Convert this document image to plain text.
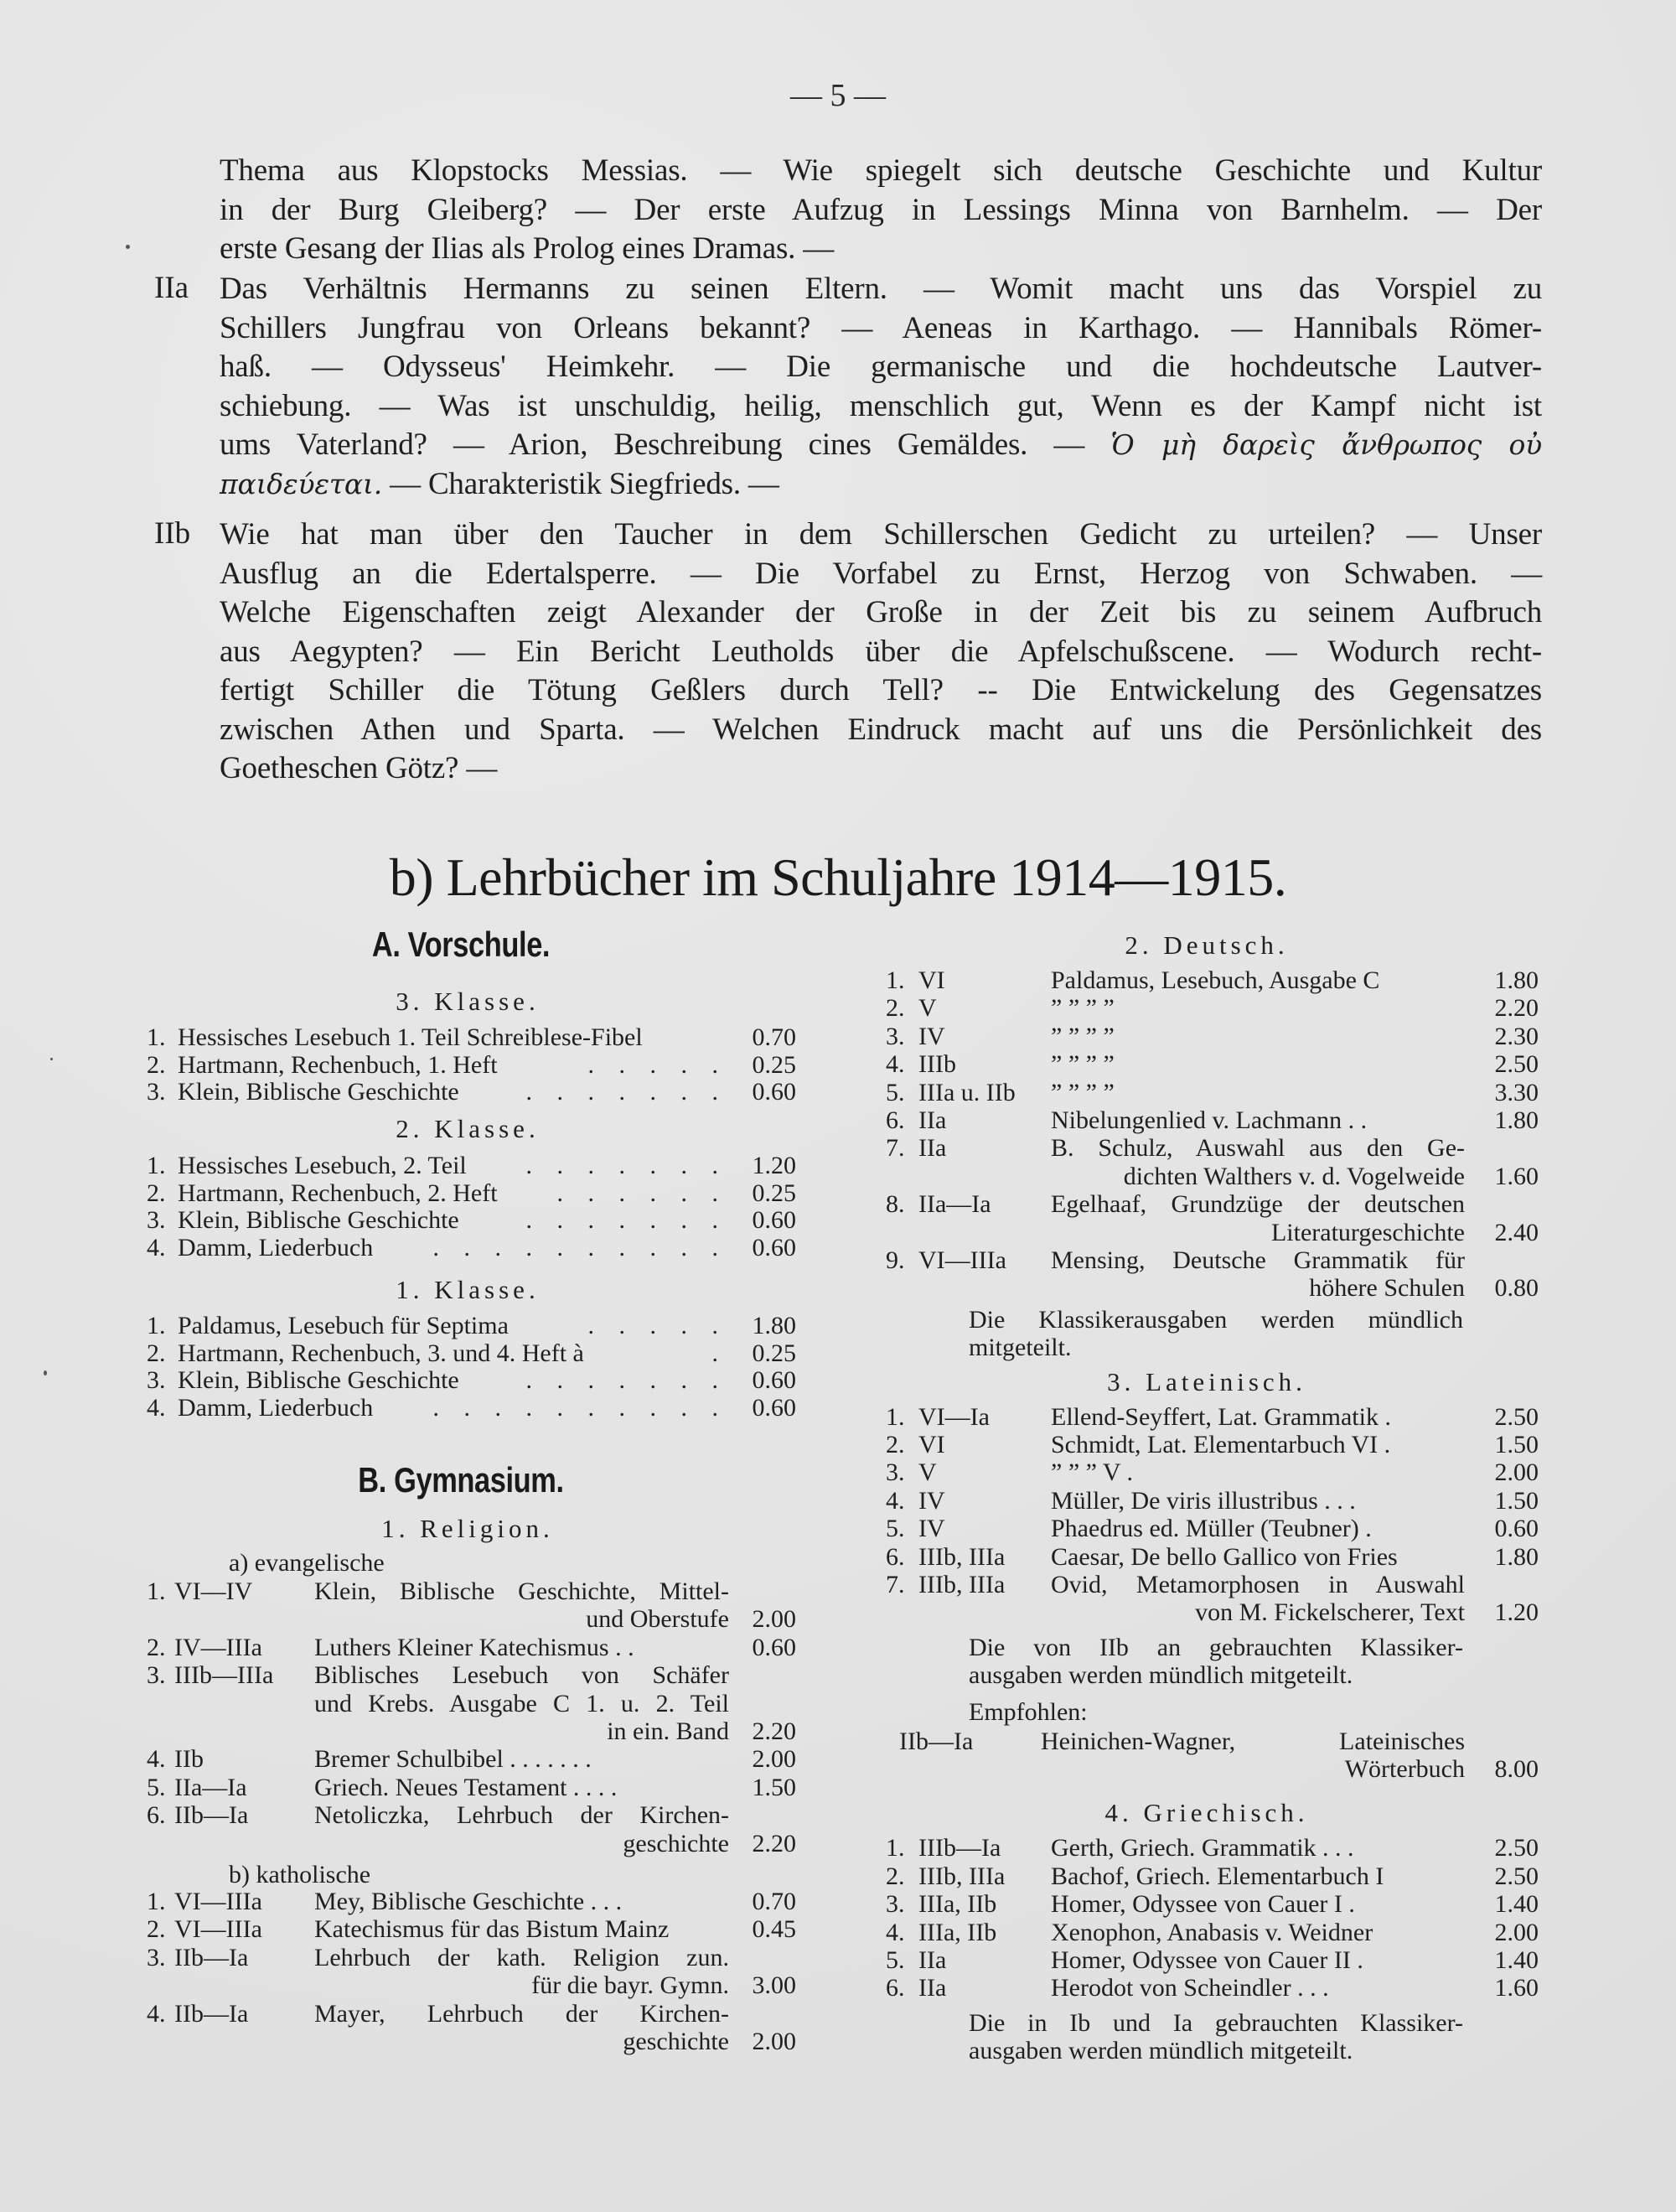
— 5 —
Thema aus Klopstocks Messias. — Wie spiegelt sich deutsche Geschichte und Kultur
in der Burg Gleiberg? — Der erste Aufzug in Lessings Minna von Barnhelm. — Der
erste Gesang der Ilias als Prolog eines Dramas. —
IIa Das Verhältnis Hermanns zu seinen Eltern. — Womit macht uns das Vorspiel zu
Schillers Jungfrau von Orleans bekannt? — Aeneas in Karthago. — Hannibals Römer-
haß. — Odysseus' Heimkehr. — Die germanische und die hochdeutsche Lautver-
schiebung. — Was ist unschuldig, heilig, menschlich gut, Wenn es der Kampf nicht ist
ums Vaterland? — Arion, Beschreibung cines Gemäldes. — Ὁ μὴ δαρεὶς ἄνθρωπος οὐ
παιδεύεται. — Charakteristik Siegfrieds. —
IIb Wie hat man über den Taucher in dem Schillerschen Gedicht zu urteilen? — Unser
Ausflug an die Edertalsperre. — Die Vorfabel zu Ernst, Herzog von Schwaben. —
Welche Eigenschaften zeigt Alexander der Große in der Zeit bis zu seinem Aufbruch
aus Aegypten? — Ein Bericht Leutholds über die Apfelschußscene. — Wodurch recht-
fertigt Schiller die Tötung Geßlers durch Tell? -- Die Entwickelung des Gegensatzes
zwischen Athen und Sparta. — Welchen Eindruck macht auf uns die Persönlichkeit des
Goetheschen Götz? —
b) Lehrbücher im Schuljahre 1914—1915.
A. Vorschule.
3. Klasse.
1. Hessisches Lesebuch 1. Teil Schreiblese-Fibel	0.70
2. Hartmann, Rechenbuch, 1. Heft	. . . . . 0.25
3. Klein, Biblische Geschichte	. . . . . . . 0.60
2. Klasse.
1. Hessisches Lesebuch, 2. Teil	. . . . . . . 1.20
2. Hartmann, Rechenbuch, 2. Heft	. . . . . . 0.25
3. Klein, Biblische Geschichte	. . . . . . . 0.60
4. Damm, Liederbuch	. . . . . . . . . . 0.60
1. Klasse.
1. Paldamus, Lesebuch für Septima	. . . . . 1.80
2. Hartmann, Rechenbuch, 3. und 4. Heft à	. 0.25
3. Klein, Biblische Geschichte	. . . . . . . 0.60
4. Damm, Liederbuch	. . . . . . . . . . 0.60
B. Gymnasium.
1. Religion.
a) evangelische
1. VI—IV Klein, Biblische Geschichte, Mittel-
und Oberstufe 2.00
2. IV—IIIa Luthers Kleiner Katechismus . .	0.60
3. IIIb—IIIa Biblisches Lesebuch von Schäfer
und Krebs. Ausgabe C 1. u. 2. Teil
in ein. Band 2.20
4. IIb	Bremer Schulbibel . . . . . . .	2.00
5. IIa—Ia	Griech. Neues Testament . . . .	1.50
6. IIb—Ia	Netoliczka, Lehrbuch der Kirchen-
geschichte 2.20
b) katholische
1. VI—IIIa Mey, Biblische Geschichte . . .	0.70
2. VI—IIIa Katechismus für das Bistum Mainz	0.45
3. IIb—Ia	Lehrbuch der kath. Religion zun.
für die bayr. Gymn. 3.00
4. IIb—Ia	Mayer, Lehrbuch der Kirchen-
geschichte 2.00
2. Deutsch.
1. VI	Paldamus, Lesebuch, Ausgabe C	1.80
2. V	” ” ” ”	2.20
3. IV	” ” ” ”	2.30
4. IIIb	” ” ” ”	2.50
5. IIIa u. IIb ” ” ” ”	3.30
6. IIa	Nibelungenlied v. Lachmann . .	1.80
7. IIa	B. Schulz, Auswahl aus den Ge-
dichten Walthers v. d. Vogelweide	1.60
8. IIa—Ia Egelhaaf, Grundzüge der deutschen
Literaturgeschichte	2.40
9. VI—IIIa Mensing, Deutsche Grammatik für
höhere Schulen	0.80
Die Klassikerausgaben werden mündlich
mitgeteilt.
3. Lateinisch.
1. VI—Ia Ellend-Seyffert, Lat. Grammatik .	2.50
2. VI	Schmidt, Lat. Elementarbuch VI .	1.50
3. V	” ” ” V .	2.00
4. IV	Müller, De viris illustribus . . .	1.50
5. IV	Phaedrus ed. Müller (Teubner) .	0.60
6. IIIb, IIIa Caesar, De bello Gallico von Fries	1.80
7. IIIb, IIIa Ovid, Metamorphosen in Auswahl
von M. Fickelscherer, Text	1.20
Die von IIb an gebrauchten Klassiker-
ausgaben werden mündlich mitgeteilt.
Empfohlen:
IIb—Ia	Heinichen-Wagner, Lateinisches
Wörterbuch	8.00
4. Griechisch.
1. IIIb—Ia Gerth, Griech. Grammatik . . .	2.50
2. IIIb, IIIa Bachof, Griech. Elementarbuch I	2.50
3. IIIa, IIb Homer, Odyssee von Cauer I .	1.40
4. IIIa, IIb Xenophon, Anabasis v. Weidner	2.00
5. IIa	Homer, Odyssee von Cauer II .	1.40
6. IIa	Herodot von Scheindler . . .	1.60
Die in Ib und Ia gebrauchten Klassiker-
ausgaben werden mündlich mitgeteilt.
